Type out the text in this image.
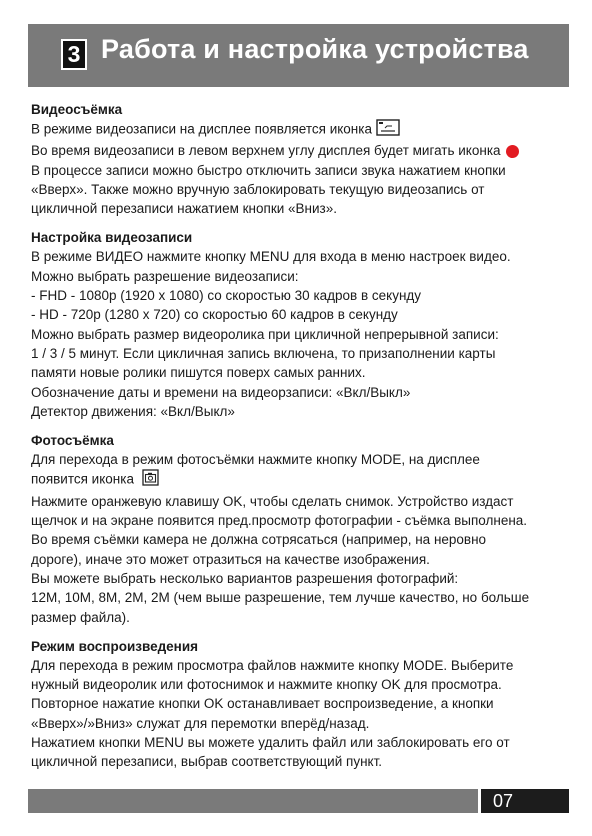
3 Работа и настройка устройства

Видеосъёмка

В режиме видеозаписи на дисплее появляется иконка

Во время видеозаписи в левом верхнем углу дисплея будет мигать иконка

В процессе записи можно быстро отключить записи звука нажатием кнопки

«Вверх». Также можно вручную заблокировать текущую видеозапись от

цикличной перезаписи нажатием кнопки «Вниз».

Настройка видеозаписи

В режиме ВИДЕО нажмите кнопку MENU для входа в меню настроек видео.

Можно выбрать разрешение видеозаписи:

- FHD - 1080p (1920 x 1080) со скоростью 30 кадров в секунду

- HD - 720p (1280 x 720) со скоростью 60 кадров в секунду

Можно выбрать размер видеоролика при цикличной непрерывной записи:

1 / 3 / 5 минут. Если цикличная запись включена, то призаполнении карты

памяти новые ролики пишутся поверх самых ранних.

Обозначение даты и времени на видеорзаписи: «Вкл/Выкл»

Детектор движения: «Вкл/Выкл»

Фотосъёмка

Для перехода в режим фотосъёмки нажмите кнопку MODE, на дисплее

появится иконка

Нажмите оранжевую клавишу OK, чтобы сделать снимок. Устройство издаст

щелчок и на экране появится пред.просмотр фотографии - съёмка выполнена.

Во время съёмки камера не должна сотрясаться (например, на неровно

дороге), иначе это может отразиться на качестве изображения.

Вы можете выбрать несколько вариантов разрешения фотографий:

12M, 10M, 8M, 2M, 2M (чем выше разрешение, тем лучше качество, но больше

размер файла).

Режим воспроизведения

Для перехода в режим просмотра файлов нажмите кнопку MODE. Выберите

нужный видеоролик или фотоснимок и нажмите кнопку OK для просмотра.

Повторное нажатие кнопки OK останавливает воспроизведение, а кнопки

«Вверх»/»Вниз» служат для перемотки вперёд/назад.

Нажатием кнопки MENU вы можете удалить файл или заблокировать его от

цикличной перезаписи, выбрав соответствующий пункт.

07
